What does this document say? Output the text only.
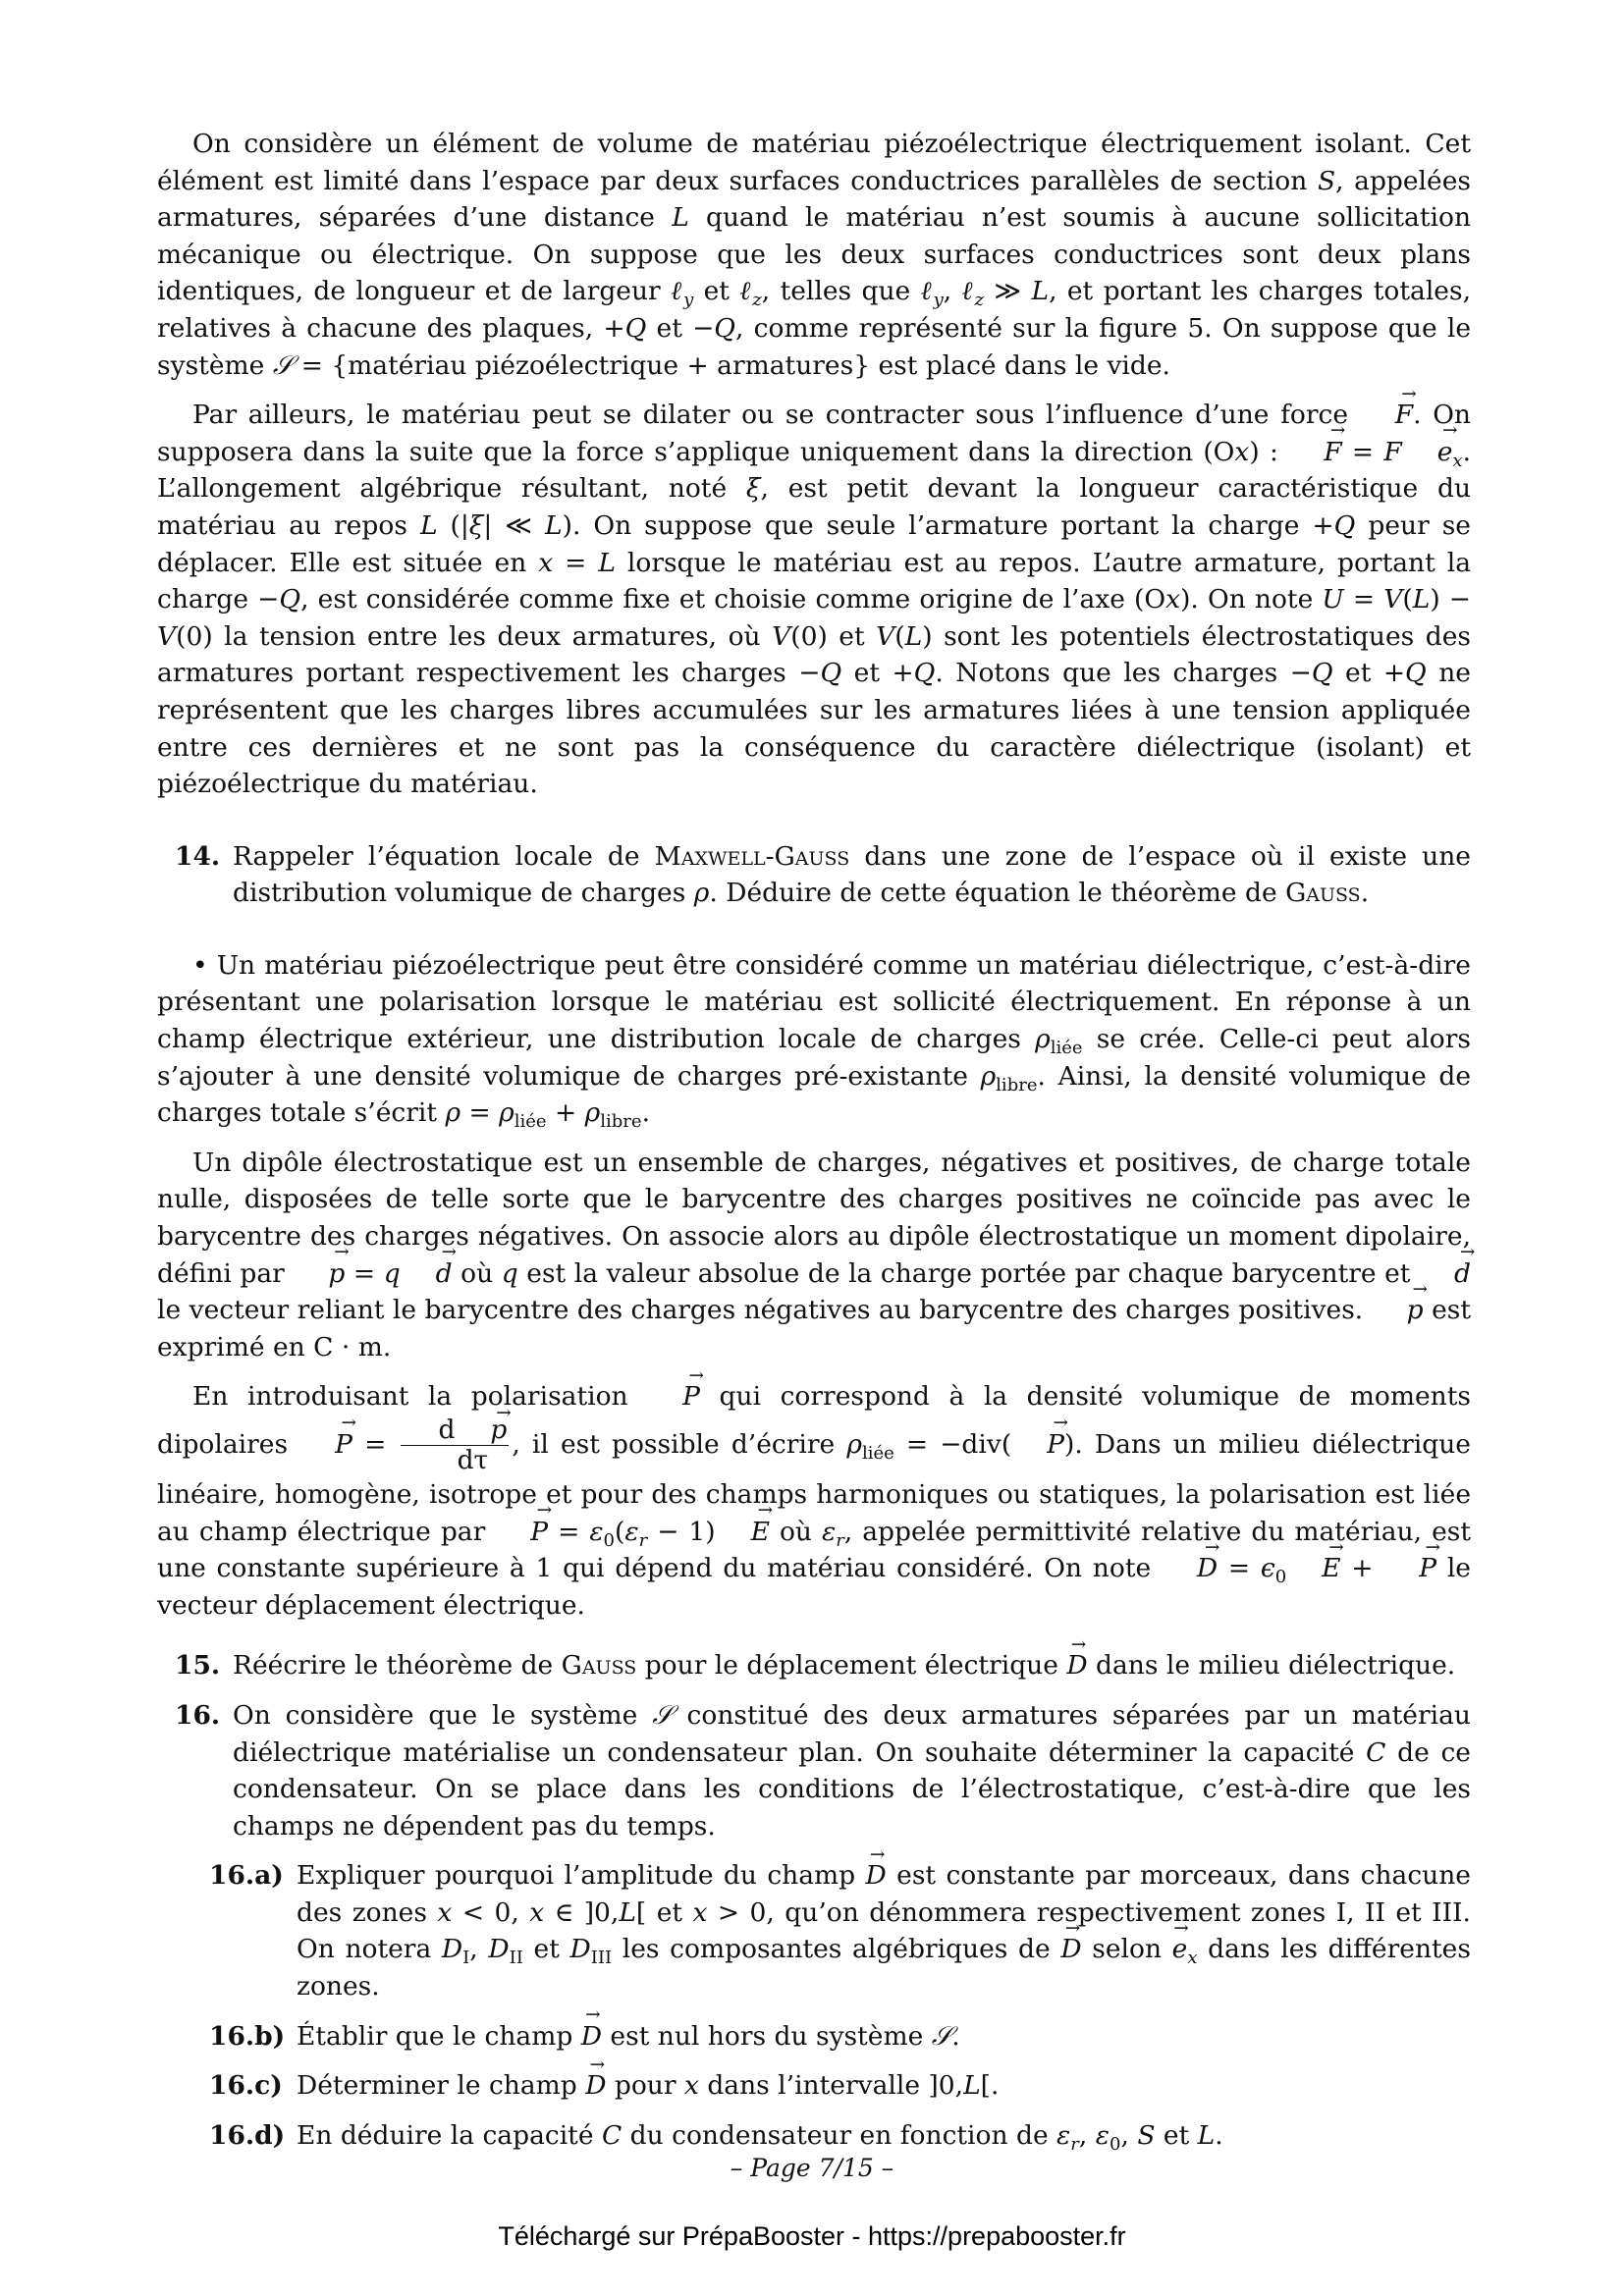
On considère un élément de volume de matériau piézoélectrique électriquement isolant. Cet élément est limité dans l’espace par deux surfaces conductrices parallèles de section S, appelées armatures, séparées d’une distance L quand le matériau n’est soumis à aucune sollicitation mécanique ou électrique. On suppose que les deux surfaces conductrices sont deux plans identiques, de longueur et de largeur ℓ$_y$ et ℓ$_z$, telles que ℓ$_y$, ℓ$_z$ ≫ L, et portant les charges totales, relatives à chacune des plaques, +Q et −Q, comme représenté sur la figure 5. On suppose que le système 𝒮 = {matériau piézoélectrique + armatures} est placé dans le vide.

Par ailleurs, le matériau peut se dilater ou se contracter sous l’influence d’une force → F. On supposera dans la suite que la force s’applique uniquement dans la direction (Ox) : → $F = F \to e_x$. L’allongement algébrique résultant, noté ξ, est petit devant la longueur caractéristique du matériau au repos L (|ξ| ≪ L). On suppose que seule l’armature portant la charge +Q peur se déplacer. Elle est située en x = L lorsque le matériau est au repos. L’autre armature, portant la charge −Q, est considérée comme fixe et choisie comme origine de l’axe (Ox). On note U = V(L) − V(0) la tension entre les deux armatures, où V(0) et V(L) sont les potentiels électrostatiques des armatures portant respectivement les charges −Q et +Q. Notons que les charges −Q et +Q ne représentent que les charges libres accumulées sur les armatures liées à une tension appliquée entre ces dernières et ne sont pas la conséquence du caractère diélectrique (isolant) et piézoélectrique du matériau.

14. Rappeler l’équation locale de Maxwell-Gauss dans une zone de l’espace où il existe une distribution volumique de charges ρ. Déduire de cette équation le théorème de Gauss.

• Un matériau piézoélectrique peut être considéré comme un matériau diélectrique, c’est-à-dire présentant une polarisation lorsque le matériau est sollicité électriquement. En réponse à un champ électrique extérieur, une distribution locale de charges $\rho_{liée}$ se crée. Celle-ci peut alors s’ajouter à une densité volumique de charges pré-existante $\rho_{libre}$. Ainsi, la densité volumique de charges totale s’écrit $\rho = \rho_{liée} + \rho_{libre}$.

Un dipôle électrostatique est un ensemble de charges, négatives et positives, de charge totale nulle, disposées de telle sorte que le barycentre des charges positives ne coïncide pas avec le barycentre des charges négatives. On associe alors au dipôle électrostatique un moment dipolaire, défini par → p = q → d où q est la valeur absolue de la charge portée par chaque barycentre et → d le vecteur reliant le barycentre des charges négatives au barycentre des charges positives. → p est exprimé en C · m.

En introduisant la polarisation → P qui correspond à la densité volumique de moments dipolaires → $P = \frac{d \to p}{d\tau}$ , il est possible d’écrire $\rho_{liée} = -div( \to P)$. Dans un milieu diélectrique linéaire, homogène, isotrope et pour des champs harmoniques ou statiques, la polarisation est liée au champ électrique par → $P = \varepsilon_0(\varepsilon_r - 1) \to E$ où $\varepsilon_r$, appelée permittivité relative du matériau, est une constante supérieure à 1 qui dépend du matériau considéré. On note → $D = \epsilon_0 \to E$ + → P le vecteur déplacement électrique.

15. Réécrire le théorème de Gauss pour le déplacement électrique → D dans le milieu diélectrique.

16. On considère que le système 𝒮 constitué des deux armatures séparées par un matériau diélectrique matérialise un condensateur plan. On souhaite déterminer la capacité C de ce condensateur. On se place dans les conditions de l’électrostatique, c’est-à-dire que les champs ne dépendent pas du temps.

16.a) Expliquer pourquoi l’amplitude du champ → D est constante par morceaux, dans chacune des zones x < 0, x ∈ ]0,L[ et x > 0, qu’on dénommera respectivement zones I, II et III. On notera $D_I$, $D_{II}$ et $D_{III}$ les composantes algébriques de → D selon → $e_x$ dans les différentes zones.

16.b) Établir que le champ → D est nul hors du système 𝒮.

16.c) Déterminer le champ → D pour x dans l’intervalle ]0,L[.

16.d) En déduire la capacité C du condensateur en fonction de $\varepsilon_r$, $\varepsilon_0$, S et L.

– Page 7/15 –
Téléchargé sur PrépaBooster - https://prepabooster.fr
